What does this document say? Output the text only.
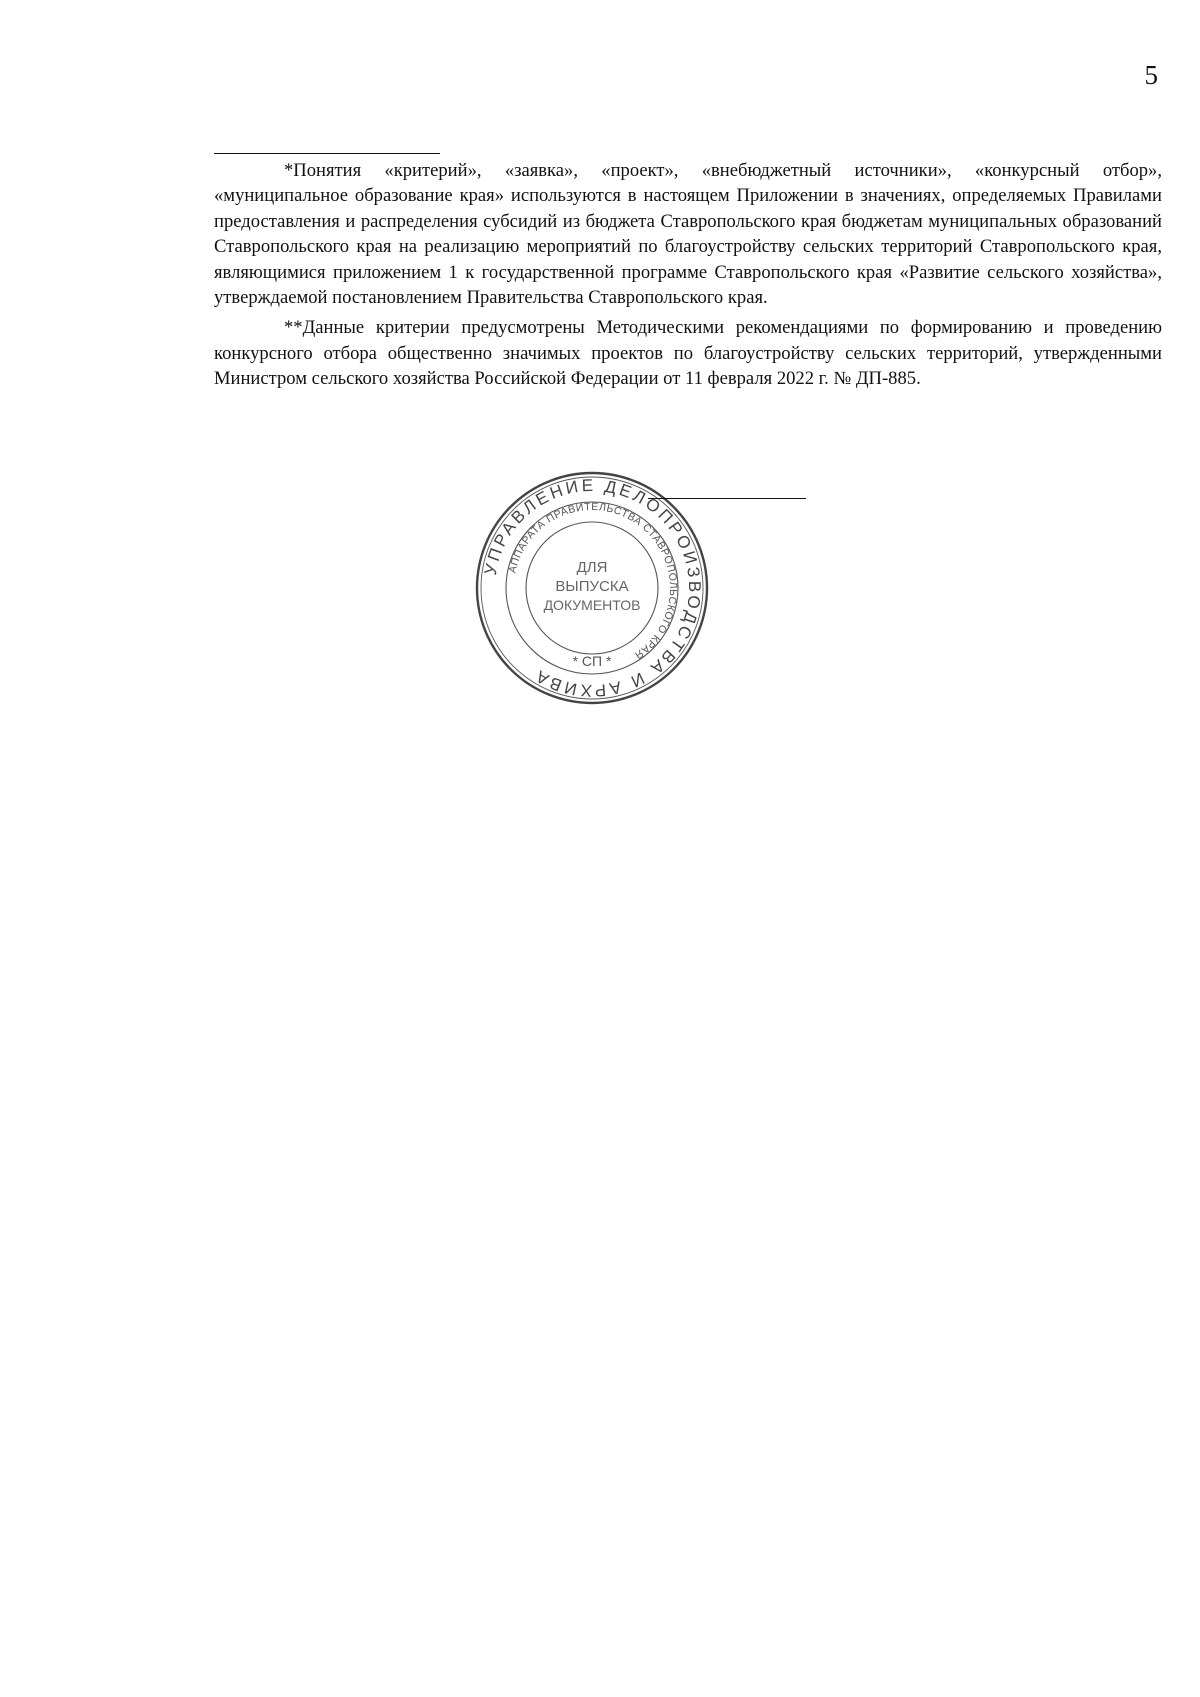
5

*Понятия «критерий», «заявка», «проект», «внебюджетный источники», «конкурсный отбор», «муниципальное образование края» используются в настоящем Приложении в значениях, определяемых Правилами предоставления и распределения субсидий из бюджета Ставропольского края бюджетам муниципальных образований Ставропольского края на реализацию мероприятий по благоустройству сельских территорий Ставропольского края, являющимися приложением 1 к государственной программе Ставропольского края «Развитие сельского хозяйства», утверждаемой постановлением Правительства Ставропольского края.

**Данные критерии предусмотрены Методическими рекомендациями по формированию и проведению конкурсного отбора общественно значимых проектов по благоустройству сельских территорий, утвержденными Министром сельского хозяйства Российской Федерации от 11 февраля 2022 г. № ДП-885.

УПРАВЛЕНИЕ ДЕЛОПРОИЗВОДСТВА И АРХИВА
АППАРАТА ПРАВИТЕЛЬСТВА СТАВРОПОЛЬСКОГО КРАЯ
ДЛЯ
ВЫПУСКА
ДОКУМЕНТОВ
* СП *
